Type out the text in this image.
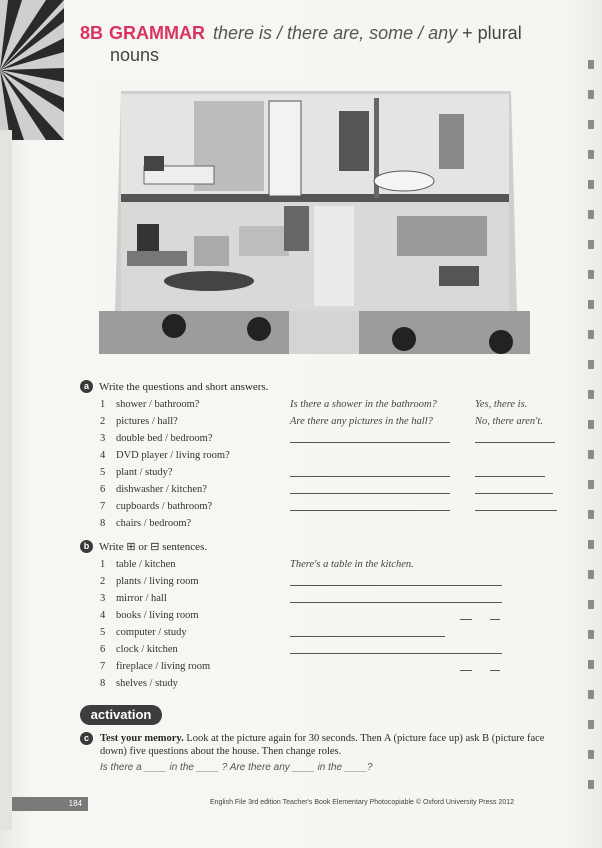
8B GRAMMAR there is / there are, some / any + plural
nouns
a Write the questions and short answers.
1	shower / bathroom?	Is there a shower in the bathroom?	Yes, there is.
2	pictures / hall?	Are there any pictures in the hall?	No, there aren't.
3	double bed / bedroom?
4	DVD player / living room?
5	plant / study?
6	dishwasher / kitchen?
7	cupboards / bathroom?
8	chairs / bedroom?
b Write ⊞ or ⊟ sentences.
1	table / kitchen	There's a table in the kitchen.
2	plants / living room
3	mirror / hall
4	books / living room
5	computer / study
6	clock / kitchen
7	fireplace / living room
8	shelves / study
activation
c	Test your memory. Look at the picture again for 30 seconds. Then A (picture face up) ask B (picture face down) five questions about the house. Then change roles.
Is there a ____ in the ____ ? Are there any ____ in the ____?
184	English File 3rd edition Teacher's Book Elementary Photocopiable © Oxford University Press 2012
